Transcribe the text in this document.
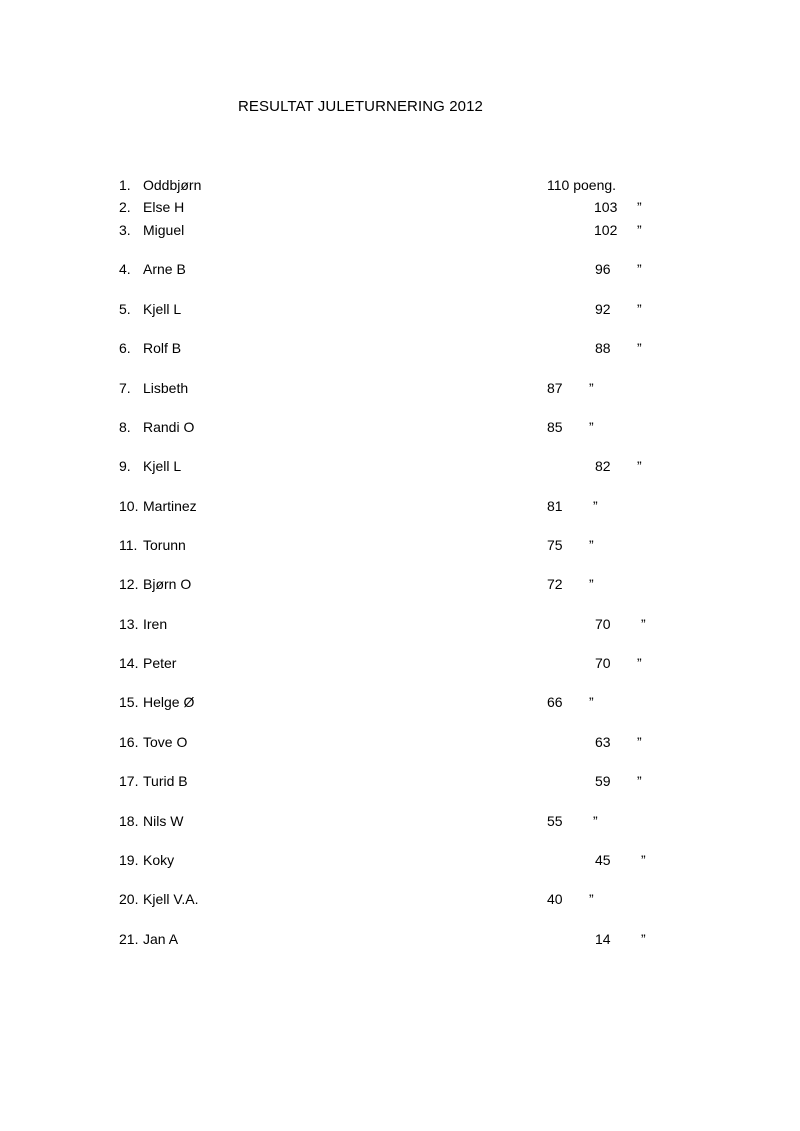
RESULTAT JULETURNERING 2012
1. Oddbjørn	110 poeng.
2. Else H	103 ”
3. Miguel	102 ”
4. Arne B	96 ”
5. Kjell L	92 ”
6. Rolf B	88 ”
7. Lisbeth	87 ”
8. Randi O	85 ”
9. Kjell L	82 ”
10. Martinez	81 ”
11. Torunn	75 ”
12. Bjørn O	72 ”
13. Iren	70 ”
14. Peter	70 ”
15. Helge Ø	66 ”
16. Tove O	63 ”
17. Turid B	59 ”
18. Nils W	55 ”
19. Koky	45 ”
20. Kjell V.A.	40 ”
21. Jan A	14 ”
